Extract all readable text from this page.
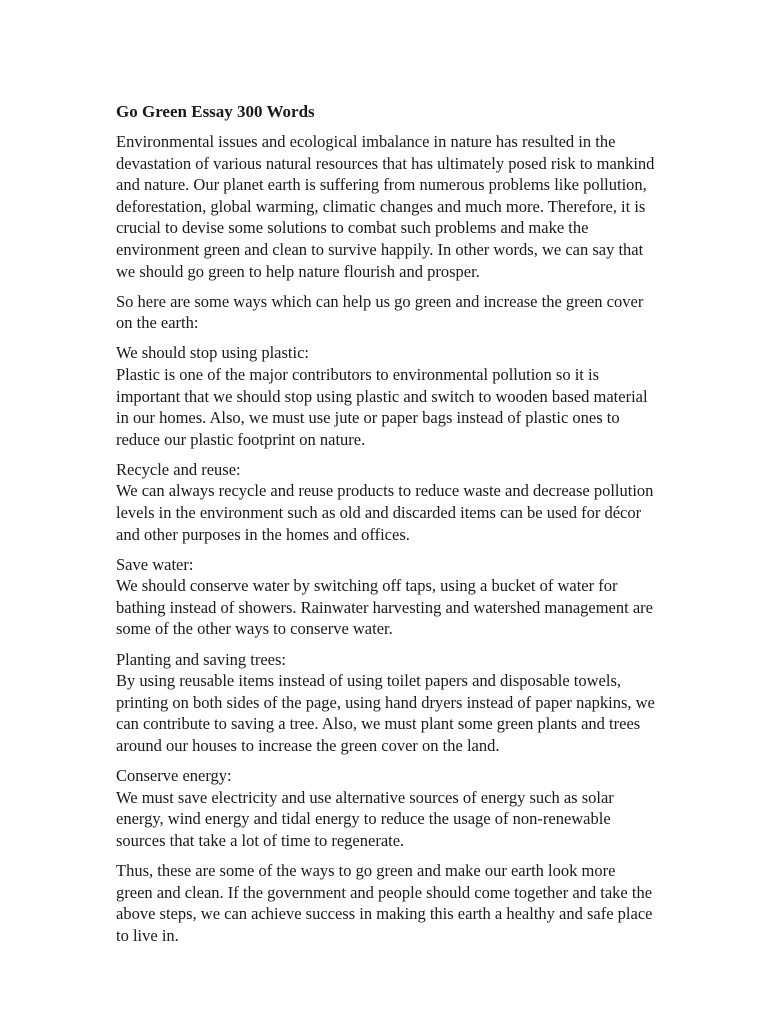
Go Green Essay 300 Words

Environmental issues and ecological imbalance in nature has resulted in the devastation of various natural resources that has ultimately posed risk to mankind and nature. Our planet earth is suffering from numerous problems like pollution, deforestation, global warming, climatic changes and much more. Therefore, it is crucial to devise some solutions to combat such problems and make the environment green and clean to survive happily. In other words, we can say that we should go green to help nature flourish and prosper.

So here are some ways which can help us go green and increase the green cover on the earth:

We should stop using plastic:
Plastic is one of the major contributors to environmental pollution so it is important that we should stop using plastic and switch to wooden based material in our homes. Also, we must use jute or paper bags instead of plastic ones to reduce our plastic footprint on nature.

Recycle and reuse:
We can always recycle and reuse products to reduce waste and decrease pollution levels in the environment such as old and discarded items can be used for décor and other purposes in the homes and offices.

Save water:
We should conserve water by switching off taps, using a bucket of water for bathing instead of showers. Rainwater harvesting and watershed management are some of the other ways to conserve water.

Planting and saving trees:
By using reusable items instead of using toilet papers and disposable towels, printing on both sides of the page, using hand dryers instead of paper napkins, we can contribute to saving a tree. Also, we must plant some green plants and trees around our houses to increase the green cover on the land.

Conserve energy:
We must save electricity and use alternative sources of energy such as solar energy, wind energy and tidal energy to reduce the usage of non-renewable sources that take a lot of time to regenerate.

Thus, these are some of the ways to go green and make our earth look more green and clean. If the government and people should come together and take the above steps, we can achieve success in making this earth a healthy and safe place to live in.
